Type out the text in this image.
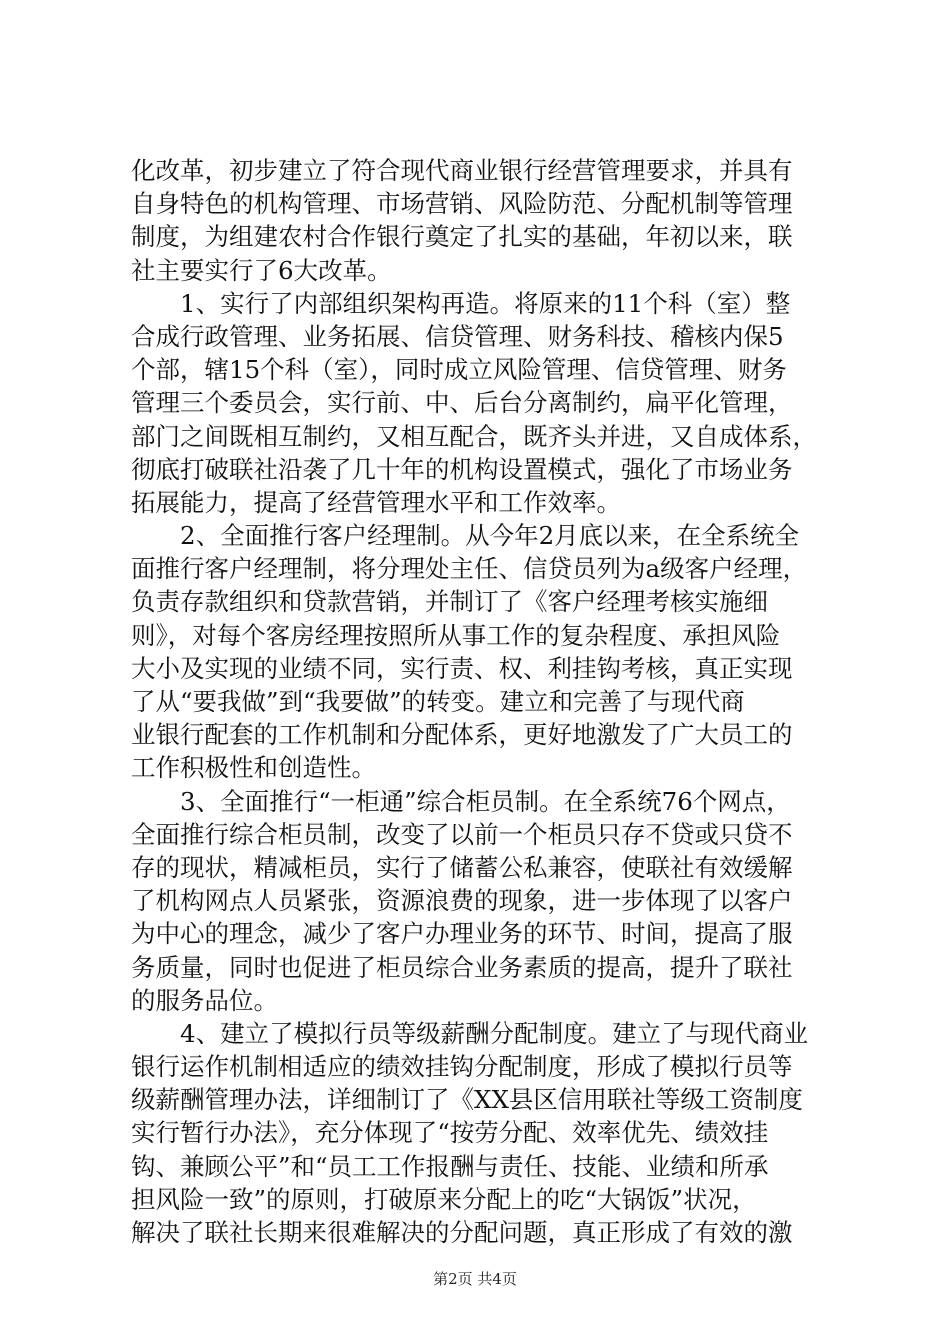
化改革，初步建立了符合现代商业银行经营管理要求，并具有
自身特色的机构管理、市场营销、风险防范、分配机制等管理
制度，为组建农村合作银行奠定了扎实的基础，年初以来，联
社主要实行了6大改革。
　　1、实行了内部组织架构再造。将原来的11个科（室）整
合成行政管理、业务拓展、信贷管理、财务科技、稽核内保5
个部，辖15个科（室），同时成立风险管理、信贷管理、财务
管理三个委员会，实行前、中、后台分离制约，扁平化管理，
部门之间既相互制约，又相互配合，既齐头并进，又自成体系，
彻底打破联社沿袭了几十年的机构设置模式，强化了市场业务
拓展能力，提高了经营管理水平和工作效率。
　　2、全面推行客户经理制。从今年2月底以来，在全系统全
面推行客户经理制，将分理处主任、信贷员列为a级客户经理，
负责存款组织和贷款营销，并制订了《客户经理考核实施细
则》，对每个客房经理按照所从事工作的复杂程度、承担风险
大小及实现的业绩不同，实行责、权、利挂钩考核，真正实现
了从“要我做”到“我要做”的转变。建立和完善了与现代商
业银行配套的工作机制和分配体系，更好地激发了广大员工的
工作积极性和创造性。
　　3、全面推行“一柜通”综合柜员制。在全系统76个网点，
全面推行综合柜员制，改变了以前一个柜员只存不贷或只贷不
存的现状，精减柜员，实行了储蓄公私兼容，使联社有效缓解
了机构网点人员紧张，资源浪费的现象，进一步体现了以客户
为中心的理念，减少了客户办理业务的环节、时间，提高了服
务质量，同时也促进了柜员综合业务素质的提高，提升了联社
的服务品位。
　　4、建立了模拟行员等级薪酬分配制度。建立了与现代商业
银行运作机制相适应的绩效挂钩分配制度，形成了模拟行员等
级薪酬管理办法，详细制订了《XX县区信用联社等级工资制度
实行暂行办法》，充分体现了“按劳分配、效率优先、绩效挂
钩、兼顾公平”和“员工工作报酬与责任、技能、业绩和所承
担风险一致”的原则，打破原来分配上的吃“大锅饭”状况，
解决了联社长期来很难解决的分配问题，真正形成了有效的激
第2页 共4页
